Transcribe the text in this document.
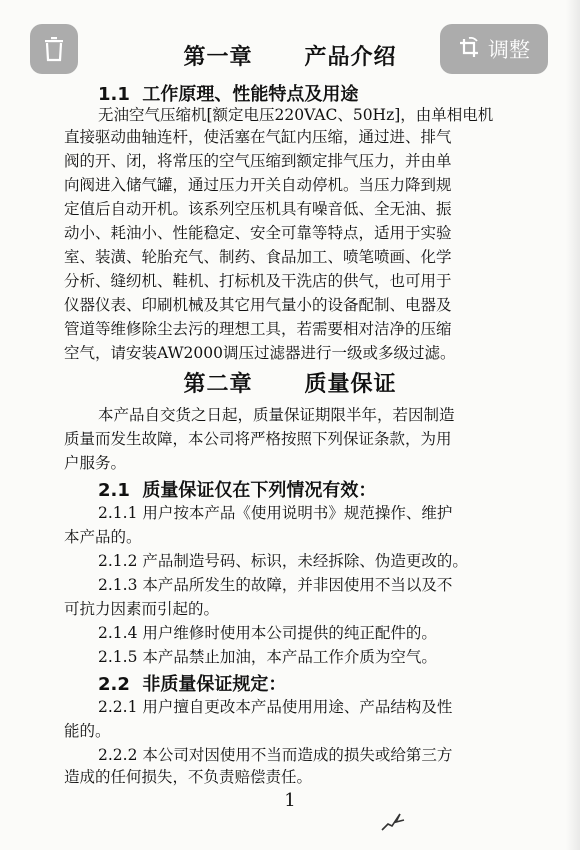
调整
第一章      产品介绍
1.1  工作原理、性能特点及用途
无油空气压缩机[额定电压220VAC、50Hz]，由单相电机
直接驱动曲轴连杆，使活塞在气缸内压缩，通过进、排气
阀的开、闭，将常压的空气压缩到额定排气压力，并由单
向阀进入储气罐，通过压力开关自动停机。当压力降到规
定值后自动开机。该系列空压机具有噪音低、全无油、振
动小、耗油小、性能稳定、安全可靠等特点，适用于实验
室、装潢、轮胎充气、制药、食品加工、喷笔喷画、化学
分析、缝纫机、鞋机、打标机及干洗店的供气，也可用于
仪器仪表、印刷机械及其它用气量小的设备配制、电器及
管道等维修除尘去污的理想工具，若需要相对洁净的压缩
空气，请安装AW2000调压过滤器进行一级或多级过滤。
第二章      质量保证
本产品自交货之日起，质量保证期限半年，若因制造
质量而发生故障，本公司将严格按照下列保证条款，为用
户服务。
2.1  质量保证仅在下列情况有效：
2.1.1 用户按本产品《使用说明书》规范操作、维护
本产品的。
2.1.2 产品制造号码、标识，未经拆除、伪造更改的。
2.1.3 本产品所发生的故障，并非因使用不当以及不
可抗力因素而引起的。
2.1.4 用户维修时使用本公司提供的纯正配件的。
2.1.5 本产品禁止加油，本产品工作介质为空气。
2.2  非质量保证规定：
2.2.1 用户擅自更改本产品使用用途、产品结构及性
能的。
2.2.2 本公司对因使用不当而造成的损失或给第三方
造成的任何损失，不负责赔偿责任。
1
